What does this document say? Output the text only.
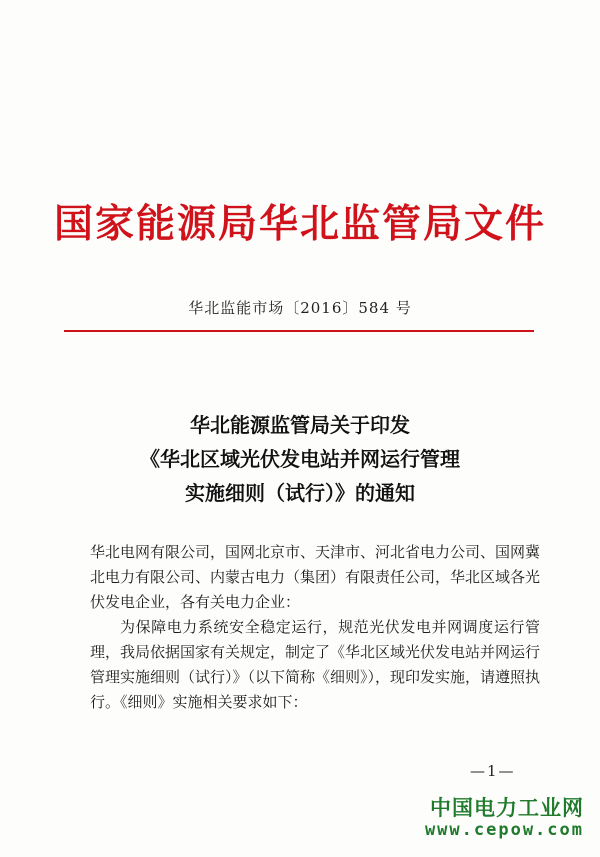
国家能源局华北监管局文件
华北监能市场〔2016〕584 号
华北能源监管局关于印发
《华北区域光伏发电站并网运行管理
实施细则（试行）》的通知

华北电网有限公司，国网北京市、天津市、河北省电力公司、国网冀北电力有限公司、内蒙古电力（集团）有限责任公司，华北区域各光伏发电企业，各有关电力企业：

为保障电力系统安全稳定运行，规范光伏发电并网调度运行管理，我局依据国家有关规定，制定了《华北区域光伏发电站并网运行管理实施细则（试行）》（以下简称《细则》），现印发实施，请遵照执行。《细则》实施相关要求如下：

—1—
中国电力工业网
www.cepow.com
